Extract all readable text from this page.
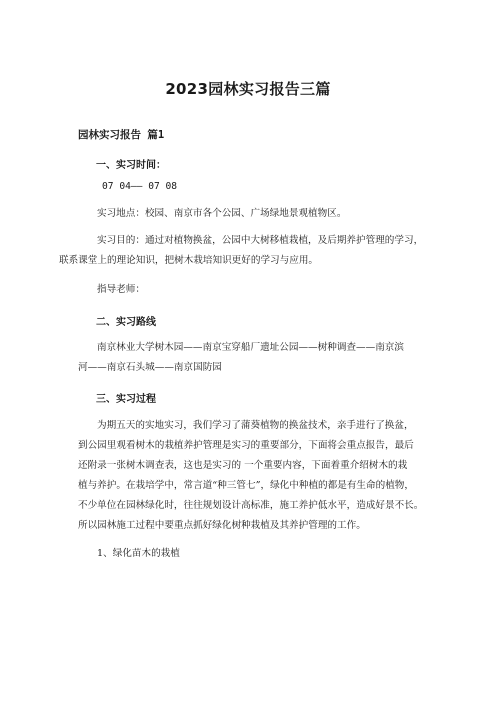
2023园林实习报告三篇
园林实习报告 篇1
一、实习时间：
07 04—— 07 08

实习地点：校园、南京市各个公园、广场绿地景观植物区。

实习目的：通过对植物换盆，公园中大树移植栽植，及后期养护管理的学习，
联系课堂上的理论知识，把树木栽培知识更好的学习与应用。

指导老师：

二、实习路线

南京林业大学树木园——南京宝穿船厂遗址公园——树种调查——南京滨
河——南京石头城——南京国防园

三、实习过程

为期五天的实地实习，我们学习了蒲葵植物的换盆技术，亲手进行了换盆，
到公园里观看树木的栽植养护管理是实习的重要部分，下面将会重点报告，最后
还附录一张树木调查表，这也是实习的 一个重要内容，下面着重介绍树木的栽
植与养护。在栽培学中，常言道“种三管七”，绿化中种植的都是有生命的植物，
不少单位在园林绿化时，往往规划设计高标准，施工养护低水平，造成好景不长。
所以园林施工过程中要重点抓好绿化树种栽植及其养护管理的工作。

1、绿化苗木的栽植
